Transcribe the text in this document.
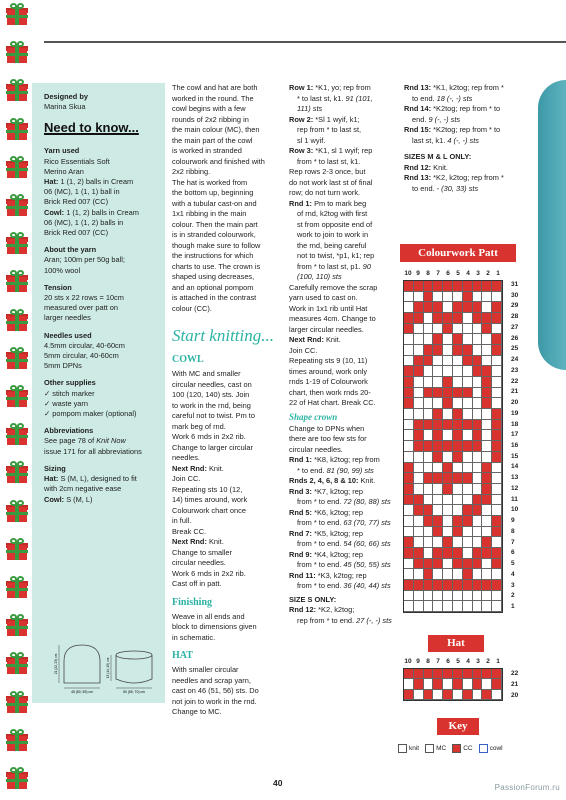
Designed by
Marina Skua
Need to know...
Yarn used
Rico Essentials Soft
Merino Aran
Hat: 1 (1, 2) balls in Cream
06 (MC), 1 (1, 1) ball in
Brick Red 007 (CC)
Cowl: 1 (1, 2) balls in Cream
06 (MC), 1 (1, 2) balls in
Brick Red 007 (CC)
About the yarn
Aran; 100m per 50g ball;
100% wool
Tension
20 sts x 22 rows = 10cm
measured over patt on
larger needles
Needles used
4.5mm circular, 40-60cm
5mm circular, 40-60cm
5mm DPNs
Other supplies
✓ stitch marker
✓ waste yarn
✓ pompom maker (optional)
Abbreviations
See page 78 of Knit Now
issue 171 for all abbreviations
Sizing
Hat: S (M, L), designed to fit
with 2cm negative ease
Cowl: S (M, L)
21 (22, 23) cm
45 (50, 55) cm
13 (14, 15) cm
50 (55, 70) cm

The cowl and hat are both

worked in the round. The

cowl begins with a few

rounds of 2x2 ribbing in

the main colour (MC), then

the main part of the cowl

is worked in stranded

colourwork and finished with

2x2 ribbing.

The hat is worked from

the bottom up, beginning

with a tubular cast-on and

1x1 ribbing in the main

colour. Then the main part

is in stranded colourwork,

though make sure to follow

the instructions for which

charts to use. The crown is

shaped using decreases,

and an optional pompom

is attached in the contrast

colour (CC).

Start knitting...
COWL

With MC and smaller

circular needles, cast on

100 (120, 140) sts. Join

to work in the rnd, being

careful not to twist. Pm to

mark beg of rnd.

Work 6 rnds in 2x2 rib.

Change to larger circular

needles.

Next Rnd: Knit.

Join CC.

Repeating sts 10 (12,

14) times around, work

Colourwork chart once

in full.

Break CC.

Next Rnd: Knit.

Change to smaller

circular needles.

Work 6 rnds in 2x2 rib.

Cast off in patt.

Finishing

Weave in all ends and

block to dimensions given

in schematic.

HAT

With smaller circular

needles and scrap yarn,

cast on 46 (51, 56) sts. Do

not join to work in the rnd.

Change to MC.

Row 1: *K1, yo; rep from

* to last st, k1. 91 (101,

111) sts

Row 2: *Sl 1 wyif, k1;

rep from * to last st,

sl 1 wyif.

Row 3: *K1, sl 1 wyif; rep

from * to last st, k1.

Rep rows 2-3 once, but

do not work last st of final

row; do not turn work.

Rnd 1: Pm to mark beg

of rnd, k2tog with first

st from opposite end of

work to join to work in

the rnd, being careful

not to twist, *p1, k1; rep

from * to last st, p1. 90

(100, 110) sts

Carefully remove the scrap

yarn used to cast on.

Work in 1x1 rib until Hat

measures 4cm. Change to

larger circular needles.

Next Rnd: Knit.

Join CC.

Repeating sts 9 (10, 11)

times around, work only

rnds 1-19 of Colourwork

chart, then work rnds 20-

22 of Hat chart. Break CC.

Shape crown

Change to DPNs when

there are too few sts for

circular needles.

Rnd 1: *K8, k2tog; rep from

* to end. 81 (90, 99) sts

Rnds 2, 4, 6, 8 & 10: Knit.

Rnd 3: *K7, k2tog; rep

from * to end. 72 (80, 88) sts

Rnd 5: *K6, k2tog; rep

from * to end. 63 (70, 77) sts

Rnd 7: *K5, k2tog; rep

from * to end. 54 (60, 66) sts

Rnd 9: *K4, k2tog; rep

from * to end. 45 (50, 55) sts

Rnd 11: *K3, k2tog; rep

from * to end. 36 (40, 44) sts

SIZE S ONLY:

Rnd 12: *K2, k2tog;

rep from * to end. 27 (-, -) sts

Rnd 13: *K1, k2tog; rep from *

to end. 18 (-, -) sts

Rnd 14: *K2tog; rep from * to

end. 9 (-, -) sts

Rnd 15: *K2tog; rep from * to

last st, k1. 4 (-, -) sts

SIZES M & L ONLY:

Rnd 12: Knit.

Rnd 13: *K2, k2tog; rep from *

to end. - (30, 33) sts

Colourwork Patt
10 9 8 7 6 5 4 3 2 1
31
30
29
28
27
26
25
24
23
22
21
20
19
18
17
16
15
14
13
12
11
10
9
8
7
6
5
4
3
2
1
Hat
10 9 8 7 6 5 4 3 2 1
22
21
20
Key
knit	MC	CC	cowl
40	PassionForum.ru
